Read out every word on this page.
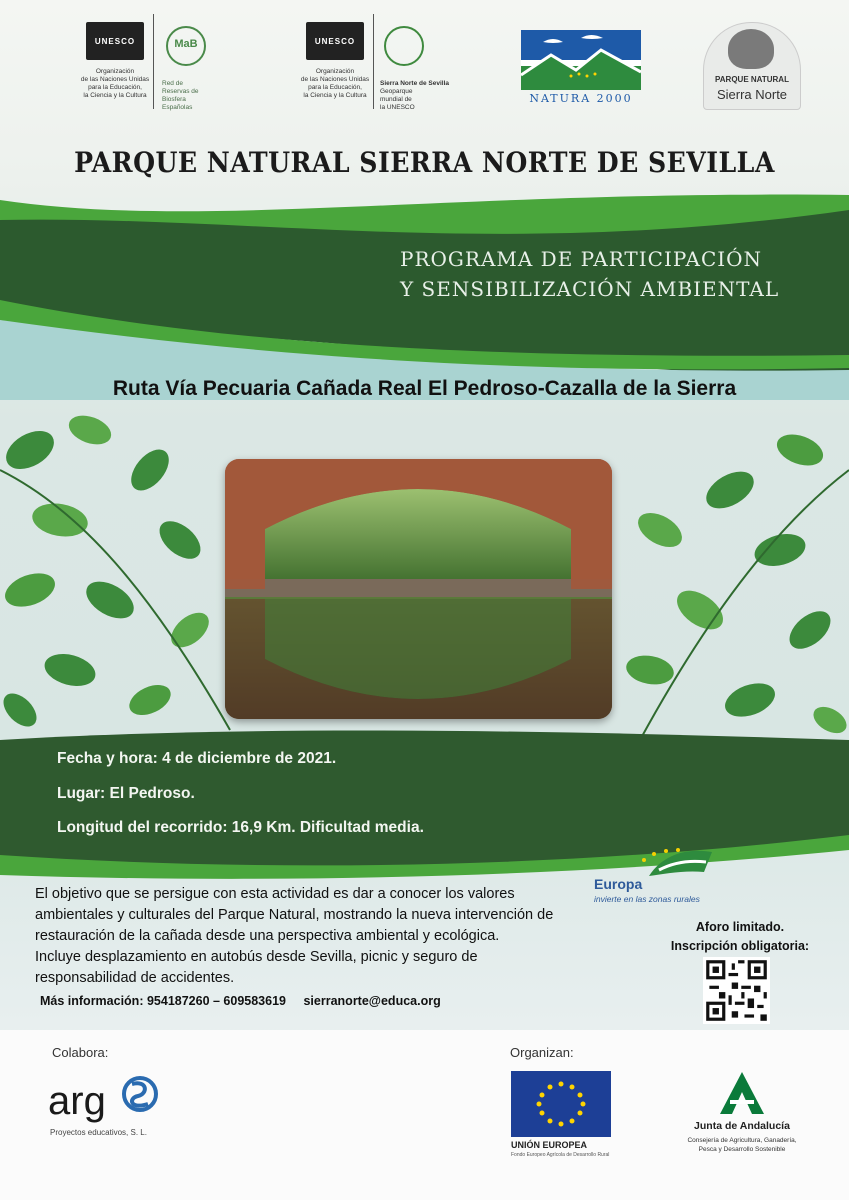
UNESCO
Organización
de las Naciones Unidas
para la Educación,
la Ciencia y la Cultura
MaB
Red de
Reservas de
Biosfera
Españolas
UNESCO
Organización
de las Naciones Unidas
para la Educación,
la Ciencia y la Cultura
Sierra Norte de Sevilla
Geoparque
mundial de
la UNESCO
NATURA 2000
PARQUE NATURAL
Sierra Norte
PARQUE NATURAL SIERRA NORTE DE SEVILLA
PROGRAMA DE PARTICIPACIÓN
Y SENSIBILIZACIÓN AMBIENTAL
Ruta Vía Pecuaria Cañada Real El Pedroso-Cazalla de la Sierra
Fecha y hora: 4 de diciembre de 2021.
Lugar: El Pedroso.
Longitud del recorrido: 16,9 Km. Dificultad media.
El objetivo que se persigue con esta actividad es dar a conocer los valores
ambientales y culturales del Parque Natural, mostrando la nueva intervención de
restauración de la cañada desde una perspectiva ambiental y ecológica.
Incluye desplazamiento en autobús desde Sevilla, picnic y seguro de
responsabilidad de accidentes.
Más información: 954187260 – 609583619 sierranorte@educa.org
Europa
invierte en las zonas rurales
Aforo limitado.
Inscripción obligatoria:
Colabora:	Organizan:
arg
Proyectos educativos, S. L.
UNIÓN EUROPEA
Fondo Europeo Agrícola de Desarrollo Rural
Junta de Andalucía
Consejería de Agricultura, Ganadería,
Pesca y Desarrollo Sostenible
